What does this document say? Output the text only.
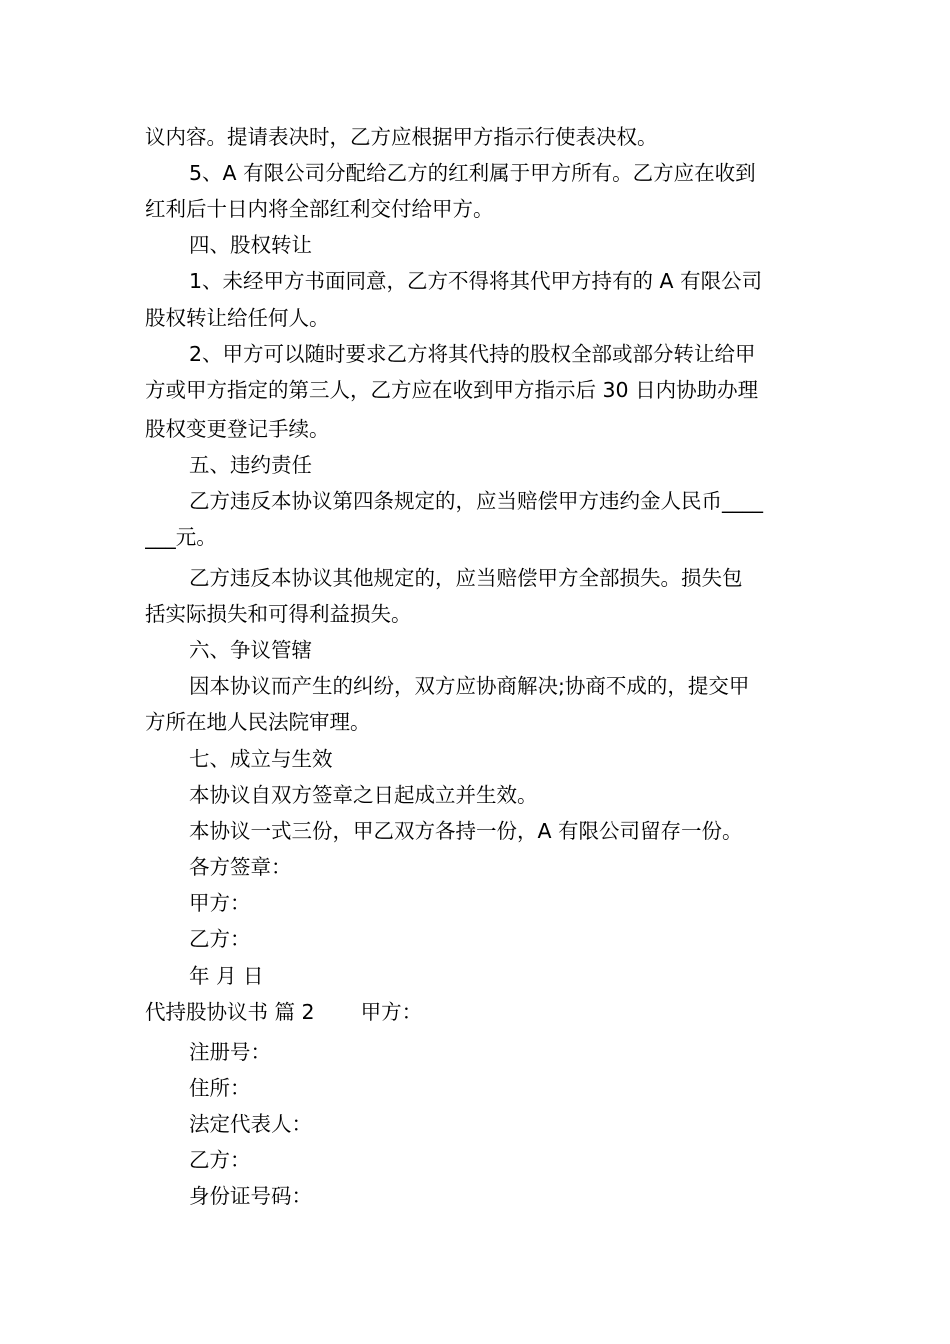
议内容。提请表决时，乙方应根据甲方指示行使表决权。
5、A 有限公司分配给乙方的红利属于甲方所有。乙方应在收到
红利后十日内将全部红利交付给甲方。
四、股权转让
1、未经甲方书面同意，乙方不得将其代甲方持有的 A 有限公司
股权转让给任何人。
2、甲方可以随时要求乙方将其代持的股权全部或部分转让给甲
方或甲方指定的第三人，乙方应在收到甲方指示后 30 日内协助办理
股权变更登记手续。
五、违约责任
乙方违反本协议第四条规定的，应当赔偿甲方违约金人民币____
___元。
乙方违反本协议其他规定的，应当赔偿甲方全部损失。损失包
括实际损失和可得利益损失。
六、争议管辖
因本协议而产生的纠纷，双方应协商解决;协商不成的，提交甲
方所在地人民法院审理。
七、成立与生效
本协议自双方签章之日起成立并生效。
本协议一式三份，甲乙双方各持一份，A 有限公司留存一份。
各方签章：
甲方：
乙方：
年 月 日
代持股协议书 篇 2 甲方：
注册号：
住所：
法定代表人：
乙方：
身份证号码：
